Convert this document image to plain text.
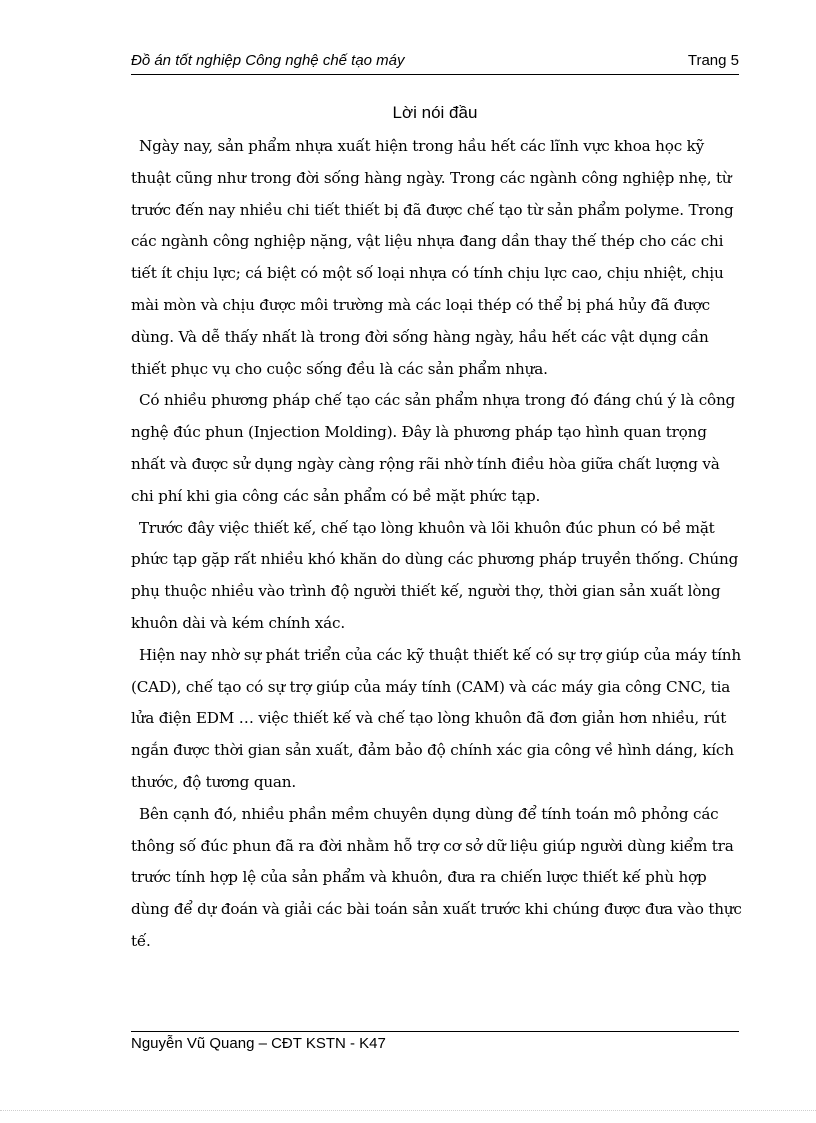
Đồ án tốt nghiệp Công nghệ chế tạo máy	Trang 5
Lời nói đầu

Ngày nay, sản phẩm nhựa xuất hiện trong hầu hết các lĩnh vực khoa học kỹ thuật cũng như trong đời sống hàng ngày. Trong các ngành công nghiệp nhẹ, từ trước đến nay nhiều chi tiết thiết bị đã được chế tạo từ sản phẩm polyme. Trong các ngành công nghiệp nặng, vật liệu nhựa đang dần thay thế thép cho các chi tiết ít chịu lực; cá biệt có một số loại nhựa có tính chịu lực cao, chịu nhiệt, chịu mài mòn và chịu được môi trường mà các loại thép có thể bị phá hủy đã được dùng. Và dễ thấy nhất là trong đời sống hàng ngày, hầu hết các vật dụng cần thiết phục vụ cho cuộc sống đều là các sản phẩm nhựa.

Có nhiều phương pháp chế tạo các sản phẩm nhựa trong đó đáng chú ý là công nghệ đúc phun (Injection Molding). Đây là phương pháp tạo hình quan trọng nhất và được sử dụng ngày càng rộng rãi nhờ tính điều hòa giữa chất lượng và chi phí khi gia công các sản phẩm có bề mặt phức tạp.

Trước đây việc thiết kế, chế tạo lòng khuôn và lõi khuôn đúc phun có bề mặt phức tạp gặp rất nhiều khó khăn do dùng các phương pháp truyền thống. Chúng phụ thuộc nhiều vào trình độ người thiết kế, người thợ, thời gian sản xuất lòng khuôn dài và kém chính xác.

Hiện nay nhờ sự phát triển của các kỹ thuật thiết kế có sự trợ giúp của máy tính (CAD), chế tạo có sự trợ giúp của máy tính (CAM) và các máy gia công CNC, tia lửa điện EDM … việc thiết kế và chế tạo lòng khuôn đã đơn giản hơn nhiều, rút ngắn được thời gian sản xuất, đảm bảo độ chính xác gia công về hình dáng, kích thước, độ tương quan.

Bên cạnh đó, nhiều phần mềm chuyên dụng dùng để tính toán mô phỏng các thông số đúc phun đã ra đời nhằm hỗ trợ cơ sở dữ liệu giúp người dùng kiểm tra trước tính hợp lệ của sản phẩm và khuôn, đưa ra chiến lược thiết kế phù hợp dùng để dự đoán và giải các bài toán sản xuất trước khi chúng được đưa vào thực tế.

Nguyễn Vũ Quang – CĐT KSTN - K47
